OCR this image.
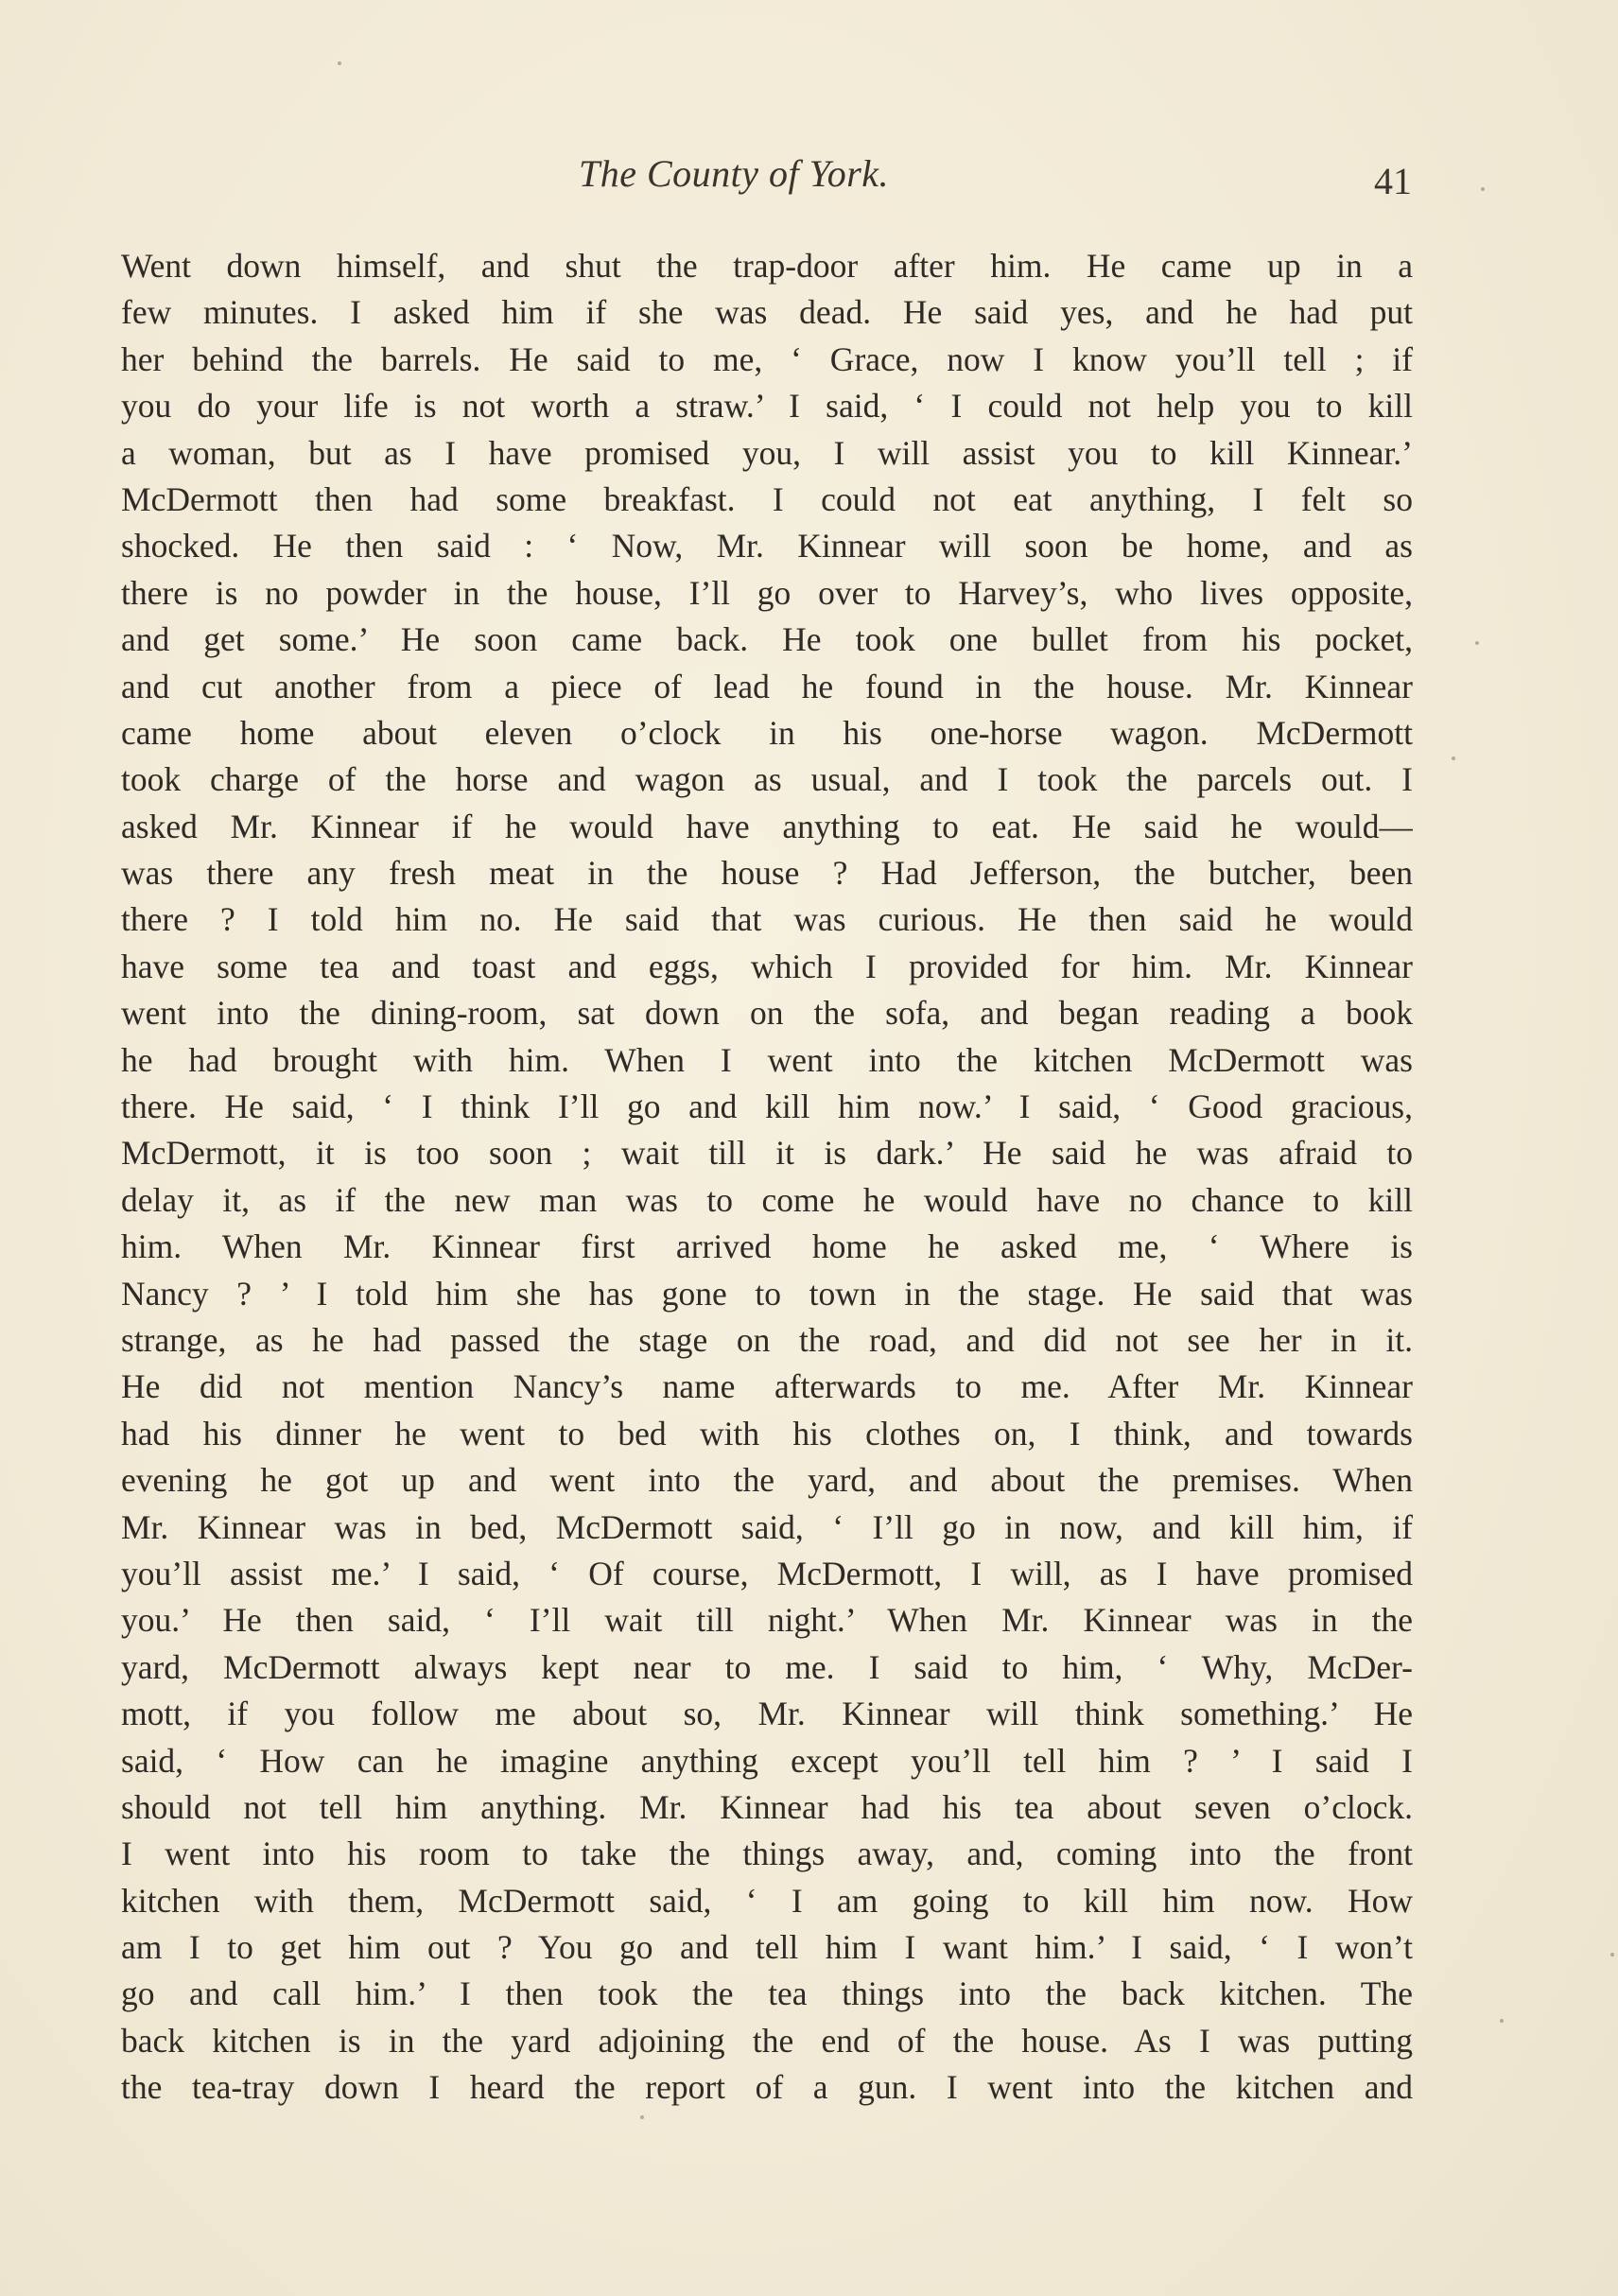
The County of York.	41
Went down himself, and shut the trap-door after him. He came up in a
few minutes. I asked him if she was dead. He said yes, and he had put
her behind the barrels. He said to me, ‘ Grace, now I know you’ll tell ; if
you do your life is not worth a straw.’ I said, ‘ I could not help you to kill
a woman, but as I have promised you, I will assist you to kill Kinnear.’
McDermott then had some breakfast. I could not eat anything, I felt so
shocked. He then said : ‘ Now, Mr. Kinnear will soon be home, and as
there is no powder in the house, I’ll go over to Harvey’s, who lives opposite,
and get some.’ He soon came back. He took one bullet from his pocket,
and cut another from a piece of lead he found in the house. Mr. Kinnear
came home about eleven o’clock in his one-horse wagon. McDermott
took charge of the horse and wagon as usual, and I took the parcels out. I
asked Mr. Kinnear if he would have anything to eat. He said he would—
was there any fresh meat in the house ? Had Jefferson, the butcher, been
there ? I told him no. He said that was curious. He then said he would
have some tea and toast and eggs, which I provided for him. Mr. Kinnear
went into the dining-room, sat down on the sofa, and began reading a book
he had brought with him. When I went into the kitchen McDermott was
there. He said, ‘ I think I’ll go and kill him now.’ I said, ‘ Good gracious,
McDermott, it is too soon ; wait till it is dark.’ He said he was afraid to
delay it, as if the new man was to come he would have no chance to kill
him. When Mr. Kinnear first arrived home he asked me, ‘ Where is
Nancy ? ’ I told him she has gone to town in the stage. He said that was
strange, as he had passed the stage on the road, and did not see her in it.
He did not mention Nancy’s name afterwards to me. After Mr. Kinnear
had his dinner he went to bed with his clothes on, I think, and towards
evening he got up and went into the yard, and about the premises. When
Mr. Kinnear was in bed, McDermott said, ‘ I’ll go in now, and kill him, if
you’ll assist me.’ I said, ‘ Of course, McDermott, I will, as I have promised
you.’ He then said, ‘ I’ll wait till night.’ When Mr. Kinnear was in the
yard, McDermott always kept near to me. I said to him, ‘ Why, McDer-
mott, if you follow me about so, Mr. Kinnear will think something.’ He
said, ‘ How can he imagine anything except you’ll tell him ? ’ I said I
should not tell him anything. Mr. Kinnear had his tea about seven o’clock.
I went into his room to take the things away, and, coming into the front
kitchen with them, McDermott said, ‘ I am going to kill him now. How
am I to get him out ? You go and tell him I want him.’ I said, ‘ I won’t
go and call him.’ I then took the tea things into the back kitchen. The
back kitchen is in the yard adjoining the end of the house. As I was putting
the tea-tray down I heard the report of a gun. I went into the kitchen and
